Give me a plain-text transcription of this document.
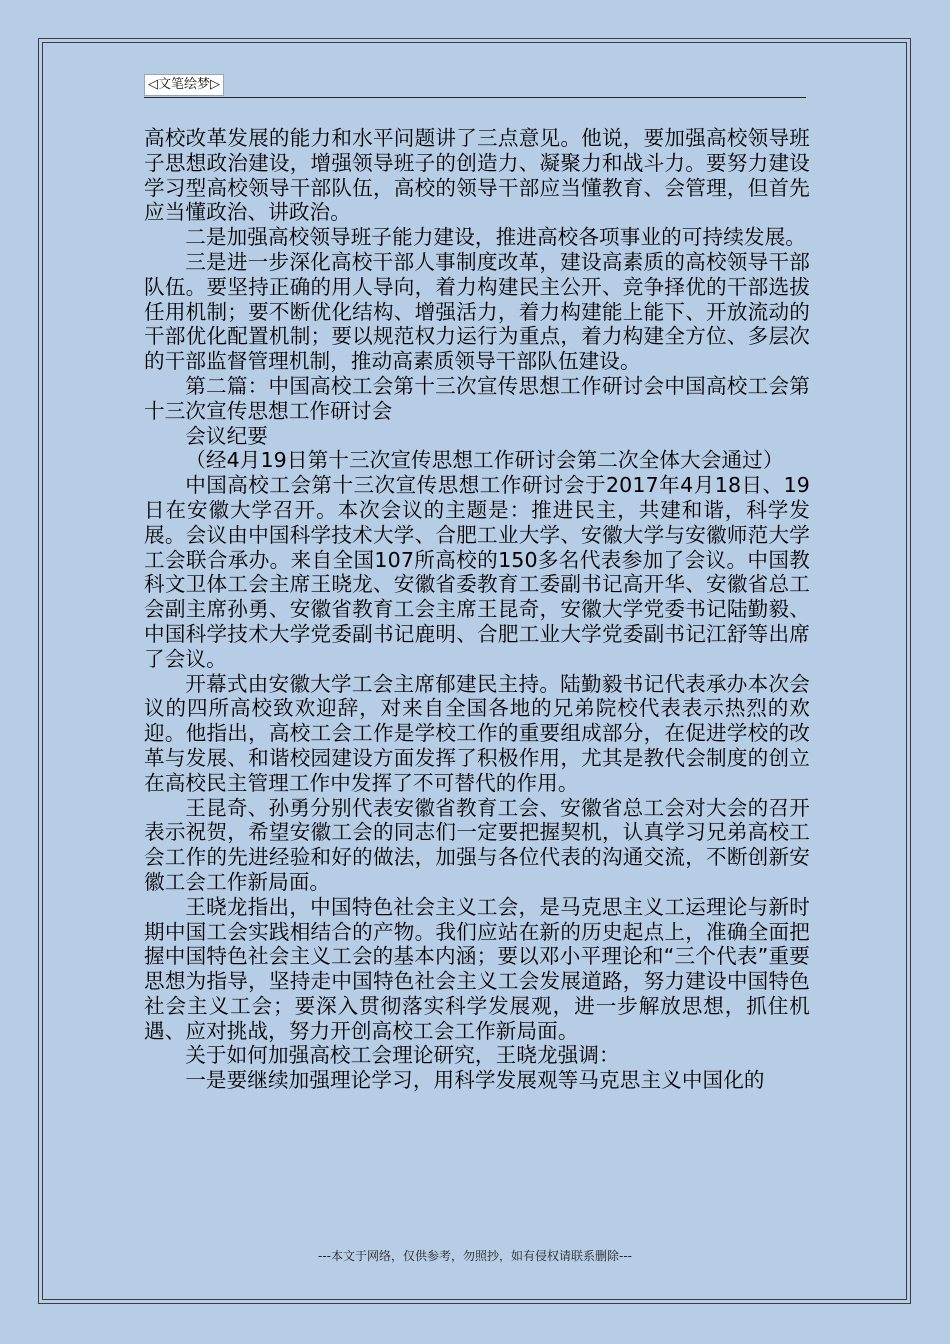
◁文笔绘梦▷

高校改革发展的能力和水平问题讲了三点意见。他说，要加强高校领导班子思想政治建设，增强领导班子的创造力、凝聚力和战斗力。要努力建设学习型高校领导干部队伍，高校的领导干部应当懂教育、会管理，但首先应当懂政治、讲政治。

二是加强高校领导班子能力建设，推进高校各项事业的可持续发展。

三是进一步深化高校干部人事制度改革，建设高素质的高校领导干部队伍。要坚持正确的用人导向，着力构建民主公开、竞争择优的干部选拔任用机制；要不断优化结构、增强活力，着力构建能上能下、开放流动的干部优化配置机制；要以规范权力运行为重点，着力构建全方位、多层次的干部监督管理机制，推动高素质领导干部队伍建设。

第二篇：中国高校工会第十三次宣传思想工作研讨会中国高校工会第十三次宣传思想工作研讨会

会议纪要

（经4月19日第十三次宣传思想工作研讨会第二次全体大会通过）

中国高校工会第十三次宣传思想工作研讨会于2017年4月18日、19日在安徽大学召开。本次会议的主题是：推进民主，共建和谐，科学发展。会议由中国科学技术大学、合肥工业大学、安徽大学与安徽师范大学工会联合承办。来自全国107所高校的150多名代表参加了会议。中国教科文卫体工会主席王晓龙、安徽省委教育工委副书记高开华、安徽省总工会副主席孙勇、安徽省教育工会主席王昆奇，安徽大学党委书记陆勤毅、中国科学技术大学党委副书记鹿明、合肥工业大学党委副书记江舒等出席了会议。

开幕式由安徽大学工会主席郁建民主持。陆勤毅书记代表承办本次会议的四所高校致欢迎辞，对来自全国各地的兄弟院校代表表示热烈的欢迎。他指出，高校工会工作是学校工作的重要组成部分，在促进学校的改革与发展、和谐校园建设方面发挥了积极作用，尤其是教代会制度的创立在高校民主管理工作中发挥了不可替代的作用。

王昆奇、孙勇分别代表安徽省教育工会、安徽省总工会对大会的召开表示祝贺，希望安徽工会的同志们一定要把握契机，认真学习兄弟高校工会工作的先进经验和好的做法，加强与各位代表的沟通交流，不断创新安徽工会工作新局面。

王晓龙指出，中国特色社会主义工会，是马克思主义工运理论与新时期中国工会实践相结合的产物。我们应站在新的历史起点上，准确全面把握中国特色社会主义工会的基本内涵；要以邓小平理论和“三个代表”重要思想为指导，坚持走中国特色社会主义工会发展道路，努力建设中国特色社会主义工会；要深入贯彻落实科学发展观，进一步解放思想，抓住机遇、应对挑战，努力开创高校工会工作新局面。

关于如何加强高校工会理论研究，王晓龙强调：

一是要继续加强理论学习，用科学发展观等马克思主义中国化的

---本文于网络，仅供参考，勿照抄，如有侵权请联系删除---
